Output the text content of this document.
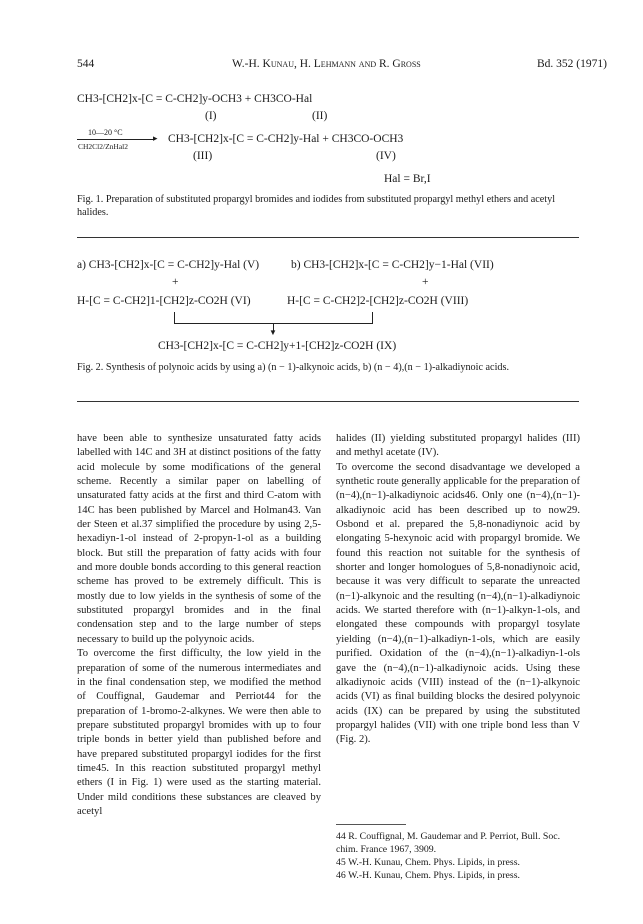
544	W.-H. Kunau, H. Lehmann and R. Gross	Bd. 352 (1971)
CH3-[CH2]x-[C = C-CH2]y-OCH3 + CH3CO-Hal
(I)	(II)
10—20 °C
▸
CH2Cl2/ZnHal2
CH3-[CH2]x-[C = C-CH2]y-Hal + CH3CO-OCH3
(III)	(IV)
Hal = Br,I
Fig. 1. Preparation of substituted propargyl bromides and iodides from substituted propargyl methyl ethers and acetyl halides.
a) CH3-[CH2]x-[C = C-CH2]y-Hal (V)	b) CH3-[CH2]x-[C = C-CH2]y−1-Hal (VII)
+	+
H-[C = C-CH2]1-[CH2]z-CO2H (VI)	H-[C = C-CH2]2-[CH2]z-CO2H (VIII)
▼
CH3-[CH2]x-[C = C-CH2]y+1-[CH2]z-CO2H (IX)
Fig. 2. Synthesis of polynoic acids by using a) (n − 1)-alkynoic acids, b) (n − 4),(n − 1)-alkadiynoic acids.

have been able to synthesize unsaturated fatty acids labelled with 14C and 3H at distinct positions of the fatty acid molecule by some modifications of the general scheme. Recently a similar paper on labelling of unsaturated fatty acids at the first and third C-atom with 14C has been published by Marcel and Holman43. Van der Steen et al.37 simplified the procedure by using 2,5-hexadiyn-1-ol instead of 2-propyn-1-ol as a building block. But still the preparation of fatty acids with four and more double bonds according to this general reaction scheme has proved to be extremely difficult. This is mostly due to low yields in the synthesis of some of the substituted propargyl bromides and in the final condensation step and to the large number of steps necessary to build up the polyynoic acids.

To overcome the first difficulty, the low yield in the preparation of some of the numerous intermediates and in the final condensation step, we modified the method of Couffignal, Gaudemar and Perriot44 for the preparation of 1-bromo-2-alkynes. We were then able to prepare substituted propargyl bromides with up to four triple bonds in better yield than published before and have prepared substituted propargyl iodides for the first time45. In this reaction substituted propargyl methyl ethers (I in Fig. 1) were used as the starting material. Under mild conditions these substances are cleaved by acetyl

halides (II) yielding substituted propargyl halides (III) and methyl acetate (IV).

To overcome the second disadvantage we developed a synthetic route generally applicable for the preparation of (n−4),(n−1)-alkadiynoic acids46. Only one (n−4),(n−1)-alkadiynoic acid has been described up to now29. Osbond et al. prepared the 5,8-nonadiynoic acid by elongating 5-hexynoic acid with propargyl bromide. We found this reaction not suitable for the synthesis of shorter and longer homologues of 5,8-nonadiynoic acid, because it was very difficult to separate the unreacted (n−1)-alkynoic and the resulting (n−4),(n−1)-alkadiynoic acids. We started therefore with (n−1)-alkyn-1-ols, and elongated these compounds with propargyl tosylate yielding (n−4),(n−1)-alkadiyn-1-ols, which are easily purified. Oxidation of the (n−4),(n−1)-alkadiyn-1-ols gave the (n−4),(n−1)-alkadiynoic acids. Using these alkadiynoic acids (VIII) instead of the (n−1)-alkynoic acids (VI) as final building blocks the desired polyynoic acids (IX) can be prepared by using the substituted propargyl halides (VII) with one triple bond less than V (Fig. 2).

44 R. Couffignal, M. Gaudemar and P. Perriot, Bull. Soc. chim. France 1967, 3909.
45 W.-H. Kunau, Chem. Phys. Lipids, in press.
46 W.-H. Kunau, Chem. Phys. Lipids, in press.
